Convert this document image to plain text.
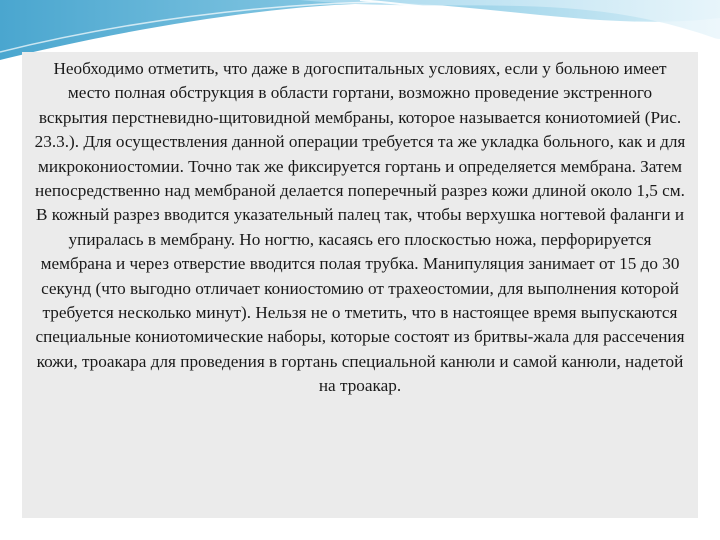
Необходимо отметить, что даже в догоспитальных условиях, если у больною имеет место полная обструкция в области гортани, возможно проведение экстренного вскрытия перстневидно-щитовидной мембраны, которое называется кониотомией (Рис. 23.3.). Для осуществления данной операции требуется та же укладка больного, как и для микрокониостомии. Точно так же фиксируется гортань и определяется мембрана. Затем непосредственно над мембраной делается поперечный разрез кожи длиной около 1,5 см. В кожный разрез вводится указательный палец так, чтобы верхушка ногтевой фаланги и упиралась в мембрану. Но ногтю, касаясь его плоскостью ножа, перфорируется мембрана и через отверстие вводится полая трубка. Манипуляция занимает от 15 до 30 секунд (что выгодно отличает кониостомию от трахеостомии, для выполнения которой требуется несколько минут). Нельзя не о тметить, что в настоящее время выпускаются специальные кониотомические наборы, которые состоят из бритвы-жала для рассечения кожи, троакара для проведения в гортань специальной канюли и самой канюли, надетой на троакар.
